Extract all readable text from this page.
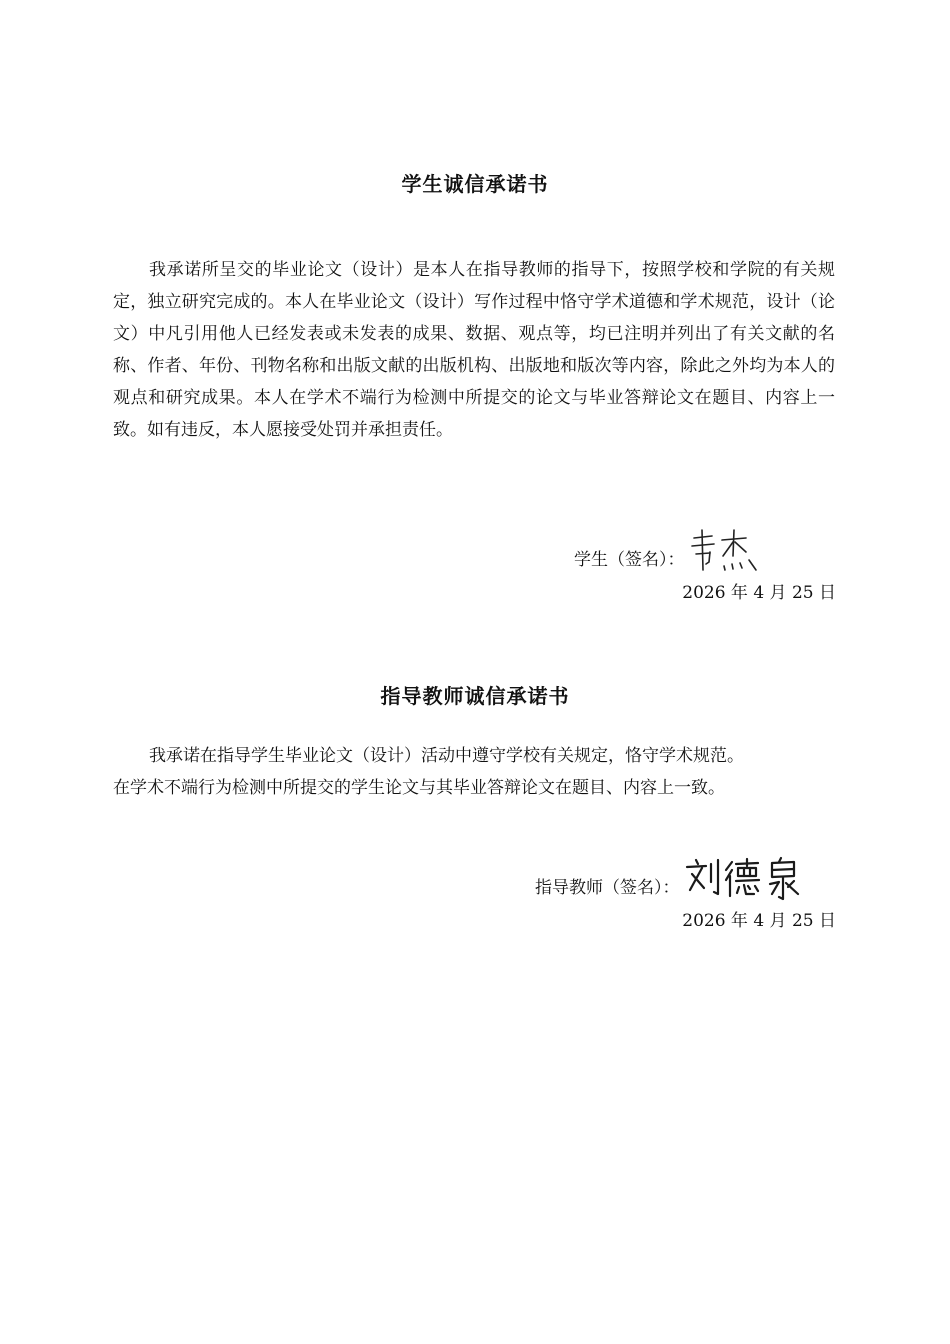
学生诚信承诺书

我承诺所呈交的毕业论文（设计）是本人在指导教师的指导下，按照学校和学院的有关规定，独立研究完成的。本人在毕业论文（设计）写作过程中恪守学术道德和学术规范，设计（论文）中凡引用他人已经发表或未发表的成果、数据、观点等，均已注明并列出了有关文献的名称、作者、年份、刊物名称和出版文献的出版机构、出版地和版次等内容，除此之外均为本人的观点和研究成果。本人在学术不端行为检测中所提交的论文与毕业答辩论文在题目、内容上一致。如有违反，本人愿接受处罚并承担责任。

学生（签名）：
2026 年 4 月 25 日
指导教师诚信承诺书

我承诺在指导学生毕业论文（设计）活动中遵守学校有关规定，恪守学术规范。

在学术不端行为检测中所提交的学生论文与其毕业答辩论文在题目、内容上一致。

指导教师（签名）：
2026 年 4 月 25 日
